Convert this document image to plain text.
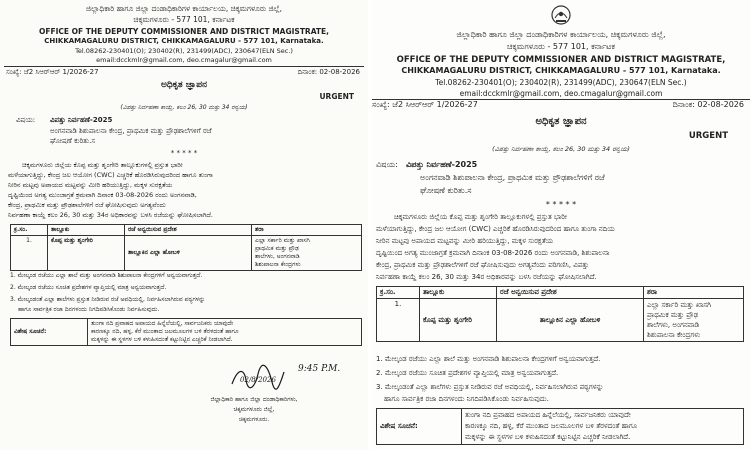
ಜಿಲ್ಲಾಧಿಕಾರಿ ಹಾಗೂ ಜಿಲ್ಲಾ ದಂಡಾಧಿಕಾರಿಗಳ ಕಾರ್ಯಾಲಯ, ಚಿಕ್ಕಮಗಳೂರು ಜಿಲ್ಲೆ,
ಚಿಕ್ಕಮಗಳೂರು - 577 101, ಕರ್ನಾಟಕ
OFFICE OF THE DEPUTY COMMISSIONER AND DISTRICT MAGISTRATE,
CHIKKAMAGALURU DISTRICT, CHIKKAMAGALURU - 577 101, Karnataka.
Tel.08262-230401(O); 230402(R), 231499(ADC), 230647(ELN Sec.)
email:dcckmlr@gmail.com, deo.cmagalur@gmail.com
ಸಂಖ್ಯೆ: ಜೆ2 ಸಿಆರ್‌ಆರ್ 1/2026-27	ದಿನಾಂಕ: 02-08-2026
ಅಧಿಕೃತ ಜ್ಞಾಪನ
URGENT
(ವಿಪತ್ತು ನಿರ್ವಹಣಾ ಕಾಯ್ದೆ, ಕಲಂ 26, 30 ಮತ್ತು 34 ರನ್ವಯ)
ವಿಷಯ:	ವಿಪತ್ತು ನಿರ್ವಹಣೆ-2025
ಅಂಗನವಾಡಿ ಶಿಶುಪಾಲನಾ ಕೇಂದ್ರ, ಪ್ರಾಥಮಿಕ ಮತ್ತು ಪ್ರೌಢಶಾಲೆಗಳಿಗೆ ರಜೆ
ಘೋಷಣೆ ಕುರಿತು.ಸ
* * * * *
ಚಿಕ್ಕಮಗಳೂರು ಜಿಲ್ಲೆಯ ಕೊಪ್ಪ ಮತ್ತು ಶೃಂಗೇರಿ ತಾಲ್ಲೂಕುಗಳಲ್ಲಿ ಪ್ರಸ್ತುತ ಭಾರೀ
ಮಳೆಯಾಗುತ್ತಿದ್ದು, ಕೇಂದ್ರ ಜಲ ಆಯೋಗ (CWC) ಎಚ್ಚರಿಕೆ ಹೊರಡಿಸಿರುವುದರಿಂದ ಹಾಗೂ ತುಂಗಾ
ನೀರಿನ ಮಟ್ಟವು ಅಪಾಯದ ಮಟ್ಟವನ್ನು ಮೀರಿ ಹರಿಯುತ್ತಿದ್ದು, ಮಕ್ಕಳ ಸುರಕ್ಷತೆಯ
ದೃಷ್ಟಿಯಿಂದ ಅಗತ್ಯ ಮುಂಜಾಗ್ರತೆ ಕ್ರಮವಾಗಿ ದಿನಾಂಕ 03-08-2026 ರಂದು ಅಂಗನವಾಡಿ,
ಕೇಂದ್ರ, ಪ್ರಾಥಮಿಕ ಮತ್ತು ಪ್ರೌಢಶಾಲೆಗಳಿಗೆ ರಜೆ ಘೋಷಿಸುವುದು ಅಗತ್ಯವೆಂದು
ನಿರ್ವಹಣಾ ಕಾಯ್ದೆ ಕಲಂ 26, 30 ಮತ್ತು 34ರ ಅಧಿಕಾರವನ್ನು ಬಳಸಿ ರಜೆಯನ್ನು ಘೋಷಿಸಲಾಗಿದೆ.
ಕ್ರ.ಸಂ.	ತಾಲ್ಲೂಕು	ರಜೆ ಅನ್ವಯಿಸುವ ಪ್ರದೇಶ	ಶರಾ
1.	ಕೊಪ್ಪ ಮತ್ತು ಶೃಂಗೇರಿ	ತಾಲ್ಲೂಕಿನ ಎಲ್ಲಾ ಹೋಬಳಿ	ಎಲ್ಲಾ ಸರ್ಕಾರಿ ಮತ್ತು ಖಾಸಗಿ
ಪ್ರಾಥಮಿಕ ಮತ್ತು ಪ್ರೌಢ
ಶಾಲೆಗಳು, ಅಂಗನವಾಡಿ
ಶಿಶುಪಾಲನಾ ಕೇಂದ್ರಗಳು
1. ಮೇಲ್ಕಂಡ ರಜೆಯು ಎಲ್ಲಾ ಶಾಲೆ ಮತ್ತು ಅಂಗನವಾಡಿ ಶಿಶುಪಾಲನಾ ಕೇಂದ್ರಗಳಿಗೆ ಅನ್ವಯವಾಗುತ್ತದೆ.
2. ಮೇಲ್ಕಂಡ ರಜೆಯು ಸೂಚಿತ ಪ್ರದೇಶಗಳ ವ್ಯಾಪ್ತಿಯಲ್ಲಿ ಮಾತ್ರ ಅನ್ವಯವಾಗುತ್ತದೆ.
3. ಮೇಲ್ಕಂಡಂತೆ ಎಲ್ಲಾ ಶಾಲೆಗಳು ಪ್ರಸ್ತುತ ನೀಡಿರುವ ರಜೆ ಅವಧಿಯಲ್ಲಿ, ನಿರ್ವಹಿಸಲಾಗಿರುವ ಪಠ್ಯಗಳನ್ನು
ಹಾಗೂ ಸಾರ್ವತ್ರಿಕ ರಜಾ ದಿನಗಳಂದು ನಿಗದಿಪಡಿಸಿಕೊಂಡು ನಿರ್ವಹಿಸುವುದು.
ವಿಶೇಷ ಸೂಚನೆ:	
ತುಂಗಾ ನದಿ ಪ್ರವಾಹದ ಅಪಾಯದ ಹಿನ್ನೆಲೆಯಲ್ಲಿ, ಸಾರ್ವಜನಿಕರು ಯಾವುದೇ
ಕಾರಣಕ್ಕೂ ನದಿ, ಹಳ್ಳ, ಕೆರೆ ಮುಂತಾದ ಜಲಮೂಲಗಳ ಬಳಿ ತೆರಳದಂತೆ ಹಾಗೂ
ಮಕ್ಕಳನ್ನು ಈ ಸ್ಥಳಗಳ ಬಳಿ ಕಳುಹಿಸದಂತೆ ಕಟ್ಟುನಿಟ್ಟಿನ ಎಚ್ಚರಿಕೆ ನೀಡಲಾಗಿದೆ.
02/8/2026
9:45 P.M.
ಜಿಲ್ಲಾಧಿಕಾರಿ ಹಾಗೂ ಜಿಲ್ಲಾ ದಂಡಾಧಿಕಾರಿಗಳು,
ಚಿಕ್ಕಮಗಳೂರು ಜಿಲ್ಲೆ,
ಚಿಕ್ಕಮಗಳೂರು.
ಜಿಲ್ಲಾಧಿಕಾರಿ ಹಾಗೂ ಜಿಲ್ಲಾ ದಂಡಾಧಿಕಾರಿಗಳ ಕಾರ್ಯಾಲಯ, ಚಿಕ್ಕಮಗಳೂರು ಜಿಲ್ಲೆ,
ಚಿಕ್ಕಮಗಳೂರು - 577 101, ಕರ್ನಾಟಕ
OFFICE OF THE DEPUTY COMMISSIONER AND DISTRICT MAGISTRATE,
CHIKKAMAGALURU DISTRICT, CHIKKAMAGALURU - 577 101, Karnataka.
Tel.08262-230401(O); 230402(R), 231499(ADC), 230647(ELN Sec.)
email:dcckmlr@gmail.com, deo.cmagalur@gmail.com
ಸಂಖ್ಯೆ: ಜೆ2 ಸಿಆರ್‌ಆರ್ 1/2026-27	ದಿನಾಂಕ: 02-08-2026
ಅಧಿಕೃತ ಜ್ಞಾಪನ
URGENT
(ವಿಪತ್ತು ನಿರ್ವಹಣಾ ಕಾಯ್ದೆ, ಕಲಂ 26, 30 ಮತ್ತು 34 ರನ್ವಯ)
ವಿಷಯ:	ವಿಪತ್ತು ನಿರ್ವಹಣೆ-2025
ಅಂಗನವಾಡಿ ಶಿಶುಪಾಲನಾ ಕೇಂದ್ರ, ಪ್ರಾಥಮಿಕ ಮತ್ತು ಪ್ರೌಢಶಾಲೆಗಳಿಗೆ ರಜೆ
ಘೋಷಣೆ ಕುರಿತು.ಸ
* * * * *
ಚಿಕ್ಕಮಗಳೂರು ಜಿಲ್ಲೆಯ ಕೊಪ್ಪ ಮತ್ತು ಶೃಂಗೇರಿ ತಾಲ್ಲೂಕುಗಳಲ್ಲಿ ಪ್ರಸ್ತುತ ಭಾರೀ
ಮಳೆಯಾಗುತ್ತಿದ್ದು, ಕೇಂದ್ರ ಜಲ ಆಯೋಗ (CWC) ಎಚ್ಚರಿಕೆ ಹೊರಡಿಸಿರುವುದರಿಂದ ಹಾಗೂ ತುಂಗಾ ನದಿಯ
ನೀರಿನ ಮಟ್ಟವು ಅಪಾಯದ ಮಟ್ಟವನ್ನು ಮೀರಿ ಹರಿಯುತ್ತಿದ್ದು, ಮಕ್ಕಳ ಸುರಕ್ಷತೆಯ
ದೃಷ್ಟಿಯಿಂದ ಅಗತ್ಯ ಮುಂಜಾಗ್ರತೆ ಕ್ರಮವಾಗಿ ದಿನಾಂಕ 03-08-2026 ರಂದು ಅಂಗನವಾಡಿ, ಶಿಶುಪಾಲನಾ
ಕೇಂದ್ರ, ಪ್ರಾಥಮಿಕ ಮತ್ತು ಪ್ರೌಢಶಾಲೆಗಳಿಗೆ ರಜೆ ಘೋಷಿಸುವುದು ಅಗತ್ಯವೆಂದು ಪರಿಗಣಿಸಿ, ವಿಪತ್ತು
ನಿರ್ವಹಣಾ ಕಾಯ್ದೆ ಕಲಂ 26, 30 ಮತ್ತು 34ರ ಅಧಿಕಾರವನ್ನು ಬಳಸಿ ರಜೆಯನ್ನು ಘೋಷಿಸಲಾಗಿದೆ.
ಕ್ರ.ಸಂ.	ತಾಲ್ಲೂಕು	ರಜೆ ಅನ್ವಯಿಸುವ ಪ್ರದೇಶ	ಶರಾ
1.	ಕೊಪ್ಪ ಮತ್ತು ಶೃಂಗೇರಿ	ತಾಲ್ಲೂಕಿನ ಎಲ್ಲಾ ಹೋಬಳಿ	ಎಲ್ಲಾ ಸರ್ಕಾರಿ ಮತ್ತು ಖಾಸಗಿ
ಪ್ರಾಥಮಿಕ ಮತ್ತು ಪ್ರೌಢ
ಶಾಲೆಗಳು, ಅಂಗನವಾಡಿ
ಶಿಶುಪಾಲನಾ ಕೇಂದ್ರಗಳು
1. ಮೇಲ್ಕಂಡ ರಜೆಯು ಎಲ್ಲಾ ಶಾಲೆ ಮತ್ತು ಅಂಗನವಾಡಿ ಶಿಶುಪಾಲನಾ ಕೇಂದ್ರಗಳಿಗೆ ಅನ್ವಯವಾಗುತ್ತದೆ.
2. ಮೇಲ್ಕಂಡ ರಜೆಯು ಸೂಚಿತ ಪ್ರದೇಶಗಳ ವ್ಯಾಪ್ತಿಯಲ್ಲಿ ಮಾತ್ರ ಅನ್ವಯವಾಗುತ್ತದೆ.
3. ಮೇಲ್ಕಂಡಂತೆ ಎಲ್ಲಾ ಶಾಲೆಗಳು ಪ್ರಸ್ತುತ ನೀಡಿರುವ ರಜೆ ಅವಧಿಯಲ್ಲಿ, ನಿರ್ವಹಿಸಲಾಗಿರುವ ಪಠ್ಯಗಳನ್ನು
ಹಾಗೂ ಸಾರ್ವತ್ರಿಕ ರಜಾ ದಿನಗಳಂದು ನಿಗದಿಪಡಿಸಿಕೊಂಡು ನಿರ್ವಹಿಸುವುದು.
ವಿಶೇಷ ಸೂಚನೆ:	
ತುಂಗಾ ನದಿ ಪ್ರವಾಹದ ಅಪಾಯದ ಹಿನ್ನೆಲೆಯಲ್ಲಿ, ಸಾರ್ವಜನಿಕರು ಯಾವುದೇ
ಕಾರಣಕ್ಕೂ ನದಿ, ಹಳ್ಳ, ಕೆರೆ ಮುಂತಾದ ಜಲಮೂಲಗಳ ಬಳಿ ತೆರಳದಂತೆ ಹಾಗೂ
ಮಕ್ಕಳನ್ನು ಈ ಸ್ಥಳಗಳ ಬಳಿ ಕಳುಹಿಸದಂತೆ ಕಟ್ಟುನಿಟ್ಟಿನ ಎಚ್ಚರಿಕೆ ನೀಡಲಾಗಿದೆ.
